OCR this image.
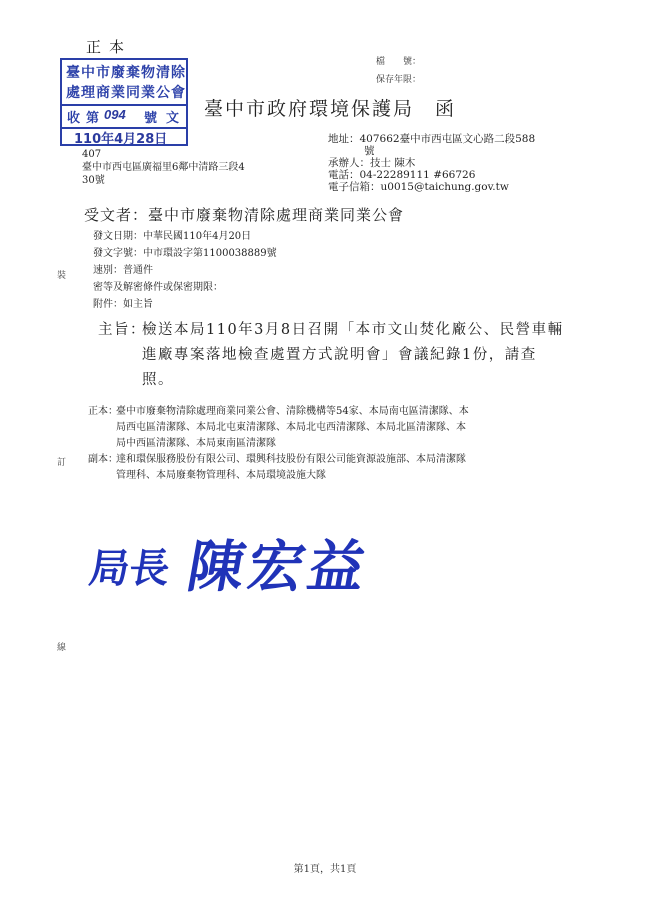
正本
臺中市廢棄物清除
處理商業同業公會
收 第 094 號 文
110年4月28日
檔　　號：
保存年限：
臺中市政府環境保護局　函
407
臺中市西屯區廣福里6鄰中清路三段4
30號
地址：407662臺中市西屯區文心路二段588
號
承辦人：技士 陳木
電話：04-22289111 #66726
電子信箱：u0015@taichung.gov.tw
受文者：臺中市廢棄物清除處理商業同業公會
發文日期：中華民國110年4月20日
發文字號：中市環設字第1100038889號
速別：普通件
密等及解密條件或保密期限：
附件：如主旨
裝
訂
線
主旨：
檢送本局110年3月8日召開「本市文山焚化廠公、民營車輛
進廠專案落地檢查處置方式說明會」會議紀錄1份，請查
照。
正本：
臺中市廢棄物清除處理商業同業公會、清除機構等54家、本局南屯區清潔隊、本
局西屯區清潔隊、本局北屯東清潔隊、本局北屯西清潔隊、本局北區清潔隊、本
局中西區清潔隊、本局東南區清潔隊
副本：
達和環保服務股份有限公司、環興科技股份有限公司能資源設施部、本局清潔隊
管理科、本局廢棄物管理科、本局環境設施大隊
局長 陳宏益
第1頁，共1頁
